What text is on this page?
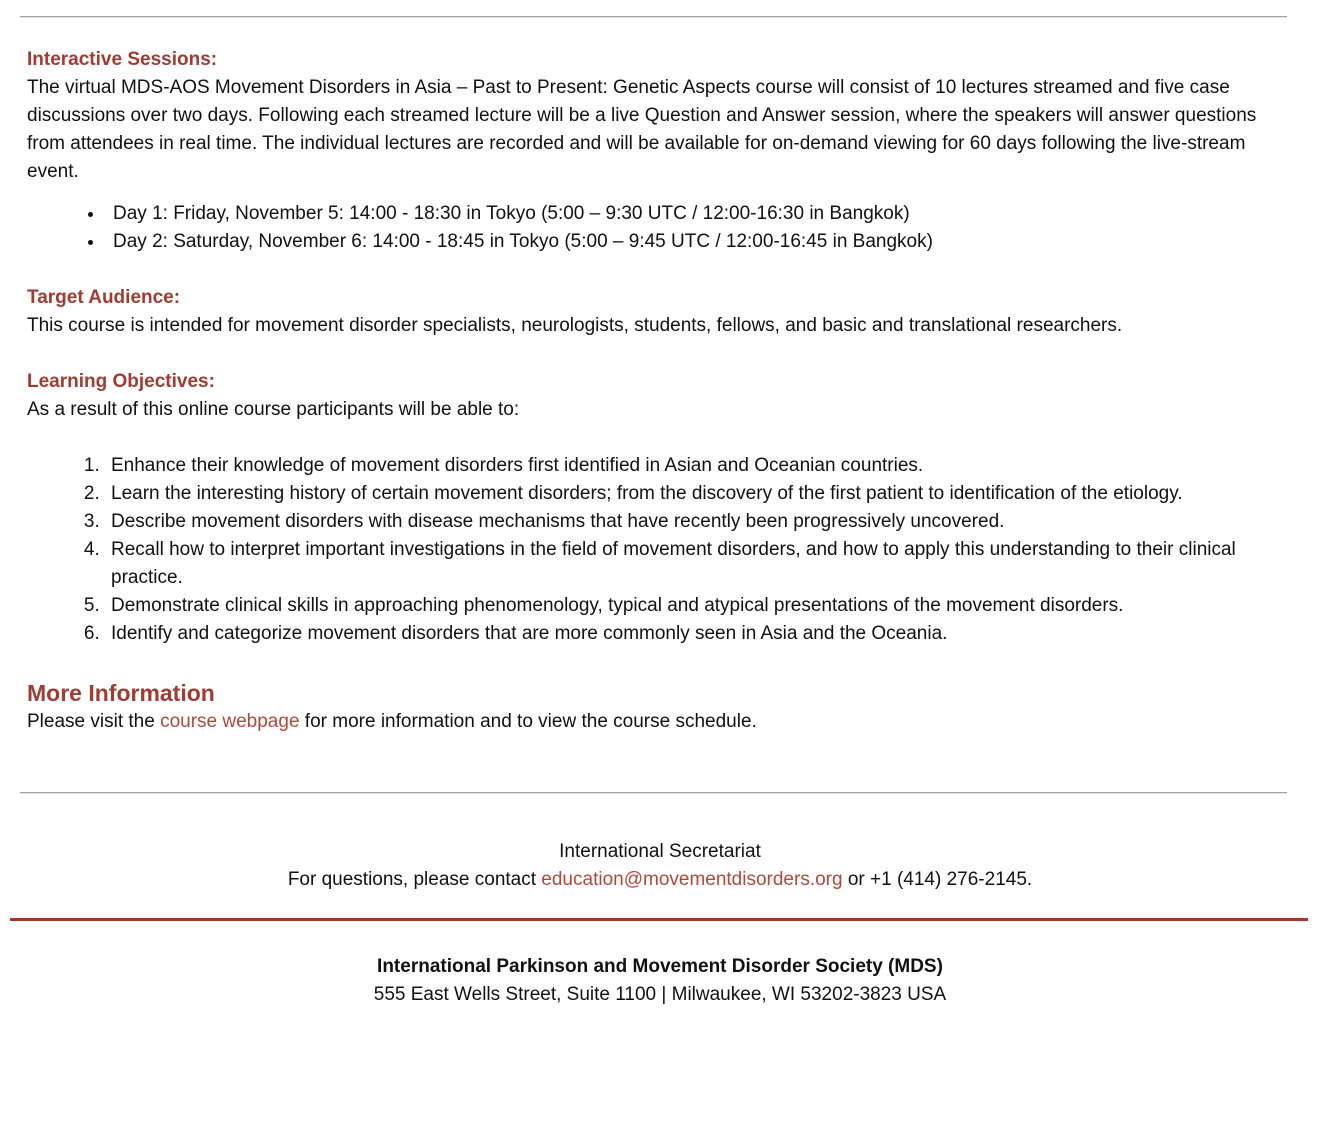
Interactive Sessions:

The virtual MDS-AOS Movement Disorders in Asia – Past to Present: Genetic Aspects course will consist of 10 lectures streamed and five case discussions over two days. Following each streamed lecture will be a live Question and Answer session, where the speakers will answer questions from attendees in real time. The individual lectures are recorded and will be available for on-demand viewing for 60 days following the live-stream event.

• Day 1: Friday, November 5: 14:00 - 18:30 in Tokyo (5:00 – 9:30 UTC / 12:00-16:30 in Bangkok)
• Day 2: Saturday, November 6: 14:00 - 18:45 in Tokyo (5:00 – 9:45 UTC / 12:00-16:45 in Bangkok)
Target Audience:

This course is intended for movement disorder specialists, neurologists, students, fellows, and basic and translational researchers.

Learning Objectives:

As a result of this online course participants will be able to:

1. Enhance their knowledge of movement disorders first identified in Asian and Oceanian countries.
2. Learn the interesting history of certain movement disorders; from the discovery of the first patient to identification of the etiology.
3. Describe movement disorders with disease mechanisms that have recently been progressively uncovered.
4. Recall how to interpret important investigations in the field of movement disorders, and how to apply this understanding to their clinical practice.
5. Demonstrate clinical skills in approaching phenomenology, typical and atypical presentations of the movement disorders.
6. Identify and categorize movement disorders that are more commonly seen in Asia and the Oceania.
More Information

Please visit the course webpage for more information and to view the course schedule.

International Secretariat

For questions, please contact education@movementdisorders.org or +1 (414) 276-2145.

International Parkinson and Movement Disorder Society (MDS)

555 East Wells Street, Suite 1100 | Milwaukee, WI 53202-3823 USA
